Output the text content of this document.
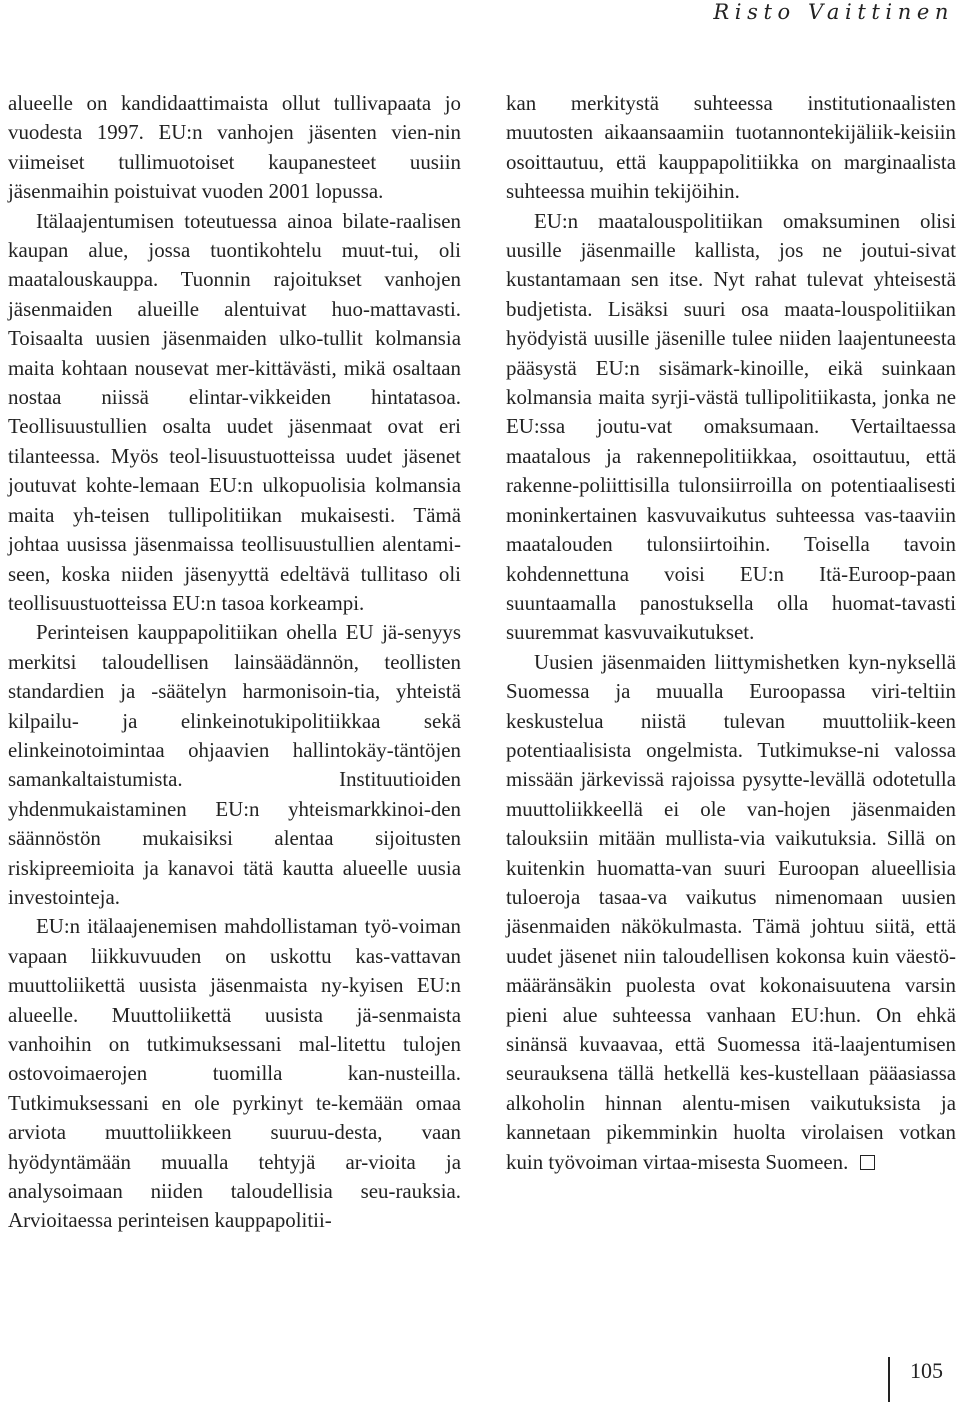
Risto Vaittinen

alueelle on kandidaattimaista ollut tullivapaata jo vuodesta 1997. EU:n vanhojen jäsenten vien-nin viimeiset tullimuotoiset kaupanesteet uusiin jäsenmaihin poistuivat vuoden 2001 lopussa.

Itälaajentumisen toteutuessa ainoa bilate-raalisen kaupan alue, jossa tuontikohtelu muut-tui, oli maatalouskauppa. Tuonnin rajoitukset vanhojen jäsenmaiden alueille alentuivat huo-mattavasti. Toisaalta uusien jäsenmaiden ulko-tullit kolmansia maita kohtaan nousevat mer-kittävästi, mikä osaltaan nostaa niissä elintar-vikkeiden hintatasoa. Teollisuustullien osalta uudet jäsenmaat ovat eri tilanteessa. Myös teol-lisuustuotteissa uudet jäsenet joutuvat kohte-lemaan EU:n ulkopuolisia kolmansia maita yh-teisen tullipolitiikan mukaisesti. Tämä johtaa uusissa jäsenmaissa teollisuustullien alentami-seen, koska niiden jäsenyyttä edeltävä tullitaso oli teollisuustuotteissa EU:n tasoa korkeampi.

Perinteisen kauppapolitiikan ohella EU jä-senyys merkitsi taloudellisen lainsäädännön, teollisten standardien ja -säätelyn harmonisoin-tia, yhteistä kilpailu- ja elinkeinotukipolitiikkaa sekä elinkeinotoimintaa ohjaavien hallintokäy-täntöjen samankaltaistumista. Instituutioiden yhdenmukaistaminen EU:n yhteismarkkinoi-den säännöstön mukaisiksi alentaa sijoitusten riskipreemioita ja kanavoi tätä kautta alueelle uusia investointeja.

EU:n itälaajenemisen mahdollistaman työ-voiman vapaan liikkuvuuden on uskottu kas-vattavan muuttoliikettä uusista jäsenmaista ny-kyisen EU:n alueelle. Muuttoliikettä uusista jä-senmaista vanhoihin on tutkimuksessani mal-litettu tulojen ostovoimaerojen tuomilla kan-nusteilla. Tutkimuksessani en ole pyrkinyt te-kemään omaa arviota muuttoliikkeen suuruu-desta, vaan hyödyntämään muualla tehtyjä ar-vioita ja analysoimaan niiden taloudellisia seu-rauksia. Arvioitaessa perinteisen kauppapolitii-

kan merkitystä suhteessa institutionaalisten muutosten aikaansaamiin tuotannontekijäliik-keisiin osoittautuu, että kauppapolitiikka on marginaalista suhteessa muihin tekijöihin.

EU:n maatalouspolitiikan omaksuminen olisi uusille jäsenmaille kallista, jos ne joutui-sivat kustantamaan sen itse. Nyt rahat tulevat yhteisestä budjetista. Lisäksi suuri osa maata-louspolitiikan hyödyistä uusille jäsenille tulee niiden laajentuneesta pääsystä EU:n sisämark-kinoille, eikä suinkaan kolmansia maita syrji-västä tullipolitiikasta, jonka ne EU:ssa joutu-vat omaksumaan. Vertailtaessa maatalous ja rakennepolitiikkaa, osoittautuu, että rakenne-poliittisilla tulonsiirroilla on potentiaalisesti moninkertainen kasvuvaikutus suhteessa vas-taaviin maatalouden tulonsiirtoihin. Toisella tavoin kohdennettuna voisi EU:n Itä-Euroop-paan suuntaamalla panostuksella olla huomat-tavasti suuremmat kasvuvaikutukset.

Uusien jäsenmaiden liittymishetken kyn-nyksellä Suomessa ja muualla Euroopassa viri-teltiin keskustelua niistä tulevan muuttoliik-keen potentiaalisista ongelmista. Tutkimukse-ni valossa missään järkevissä rajoissa pysytte-levällä odotetulla muuttoliikkeellä ei ole van-hojen jäsenmaiden talouksiin mitään mullista-via vaikutuksia. Sillä on kuitenkin huomatta-van suuri Euroopan alueellisia tuloeroja tasaa-va vaikutus nimenomaan uusien jäsenmaiden näkökulmasta. Tämä johtuu siitä, että uudet jäsenet niin taloudellisen kokonsa kuin väestö-määränsäkin puolesta ovat kokonaisuutena varsin pieni alue suhteessa vanhaan EU:hun. On ehkä sinänsä kuvaavaa, että Suomessa itä-laajentumisen seurauksena tällä hetkellä kes-kustellaan pääasiassa alkoholin hinnan alentu-misen vaikutuksista ja kannetaan pikemminkin huolta virolaisen votkan kuin työvoiman virtaa-misesta Suomeen.

105
